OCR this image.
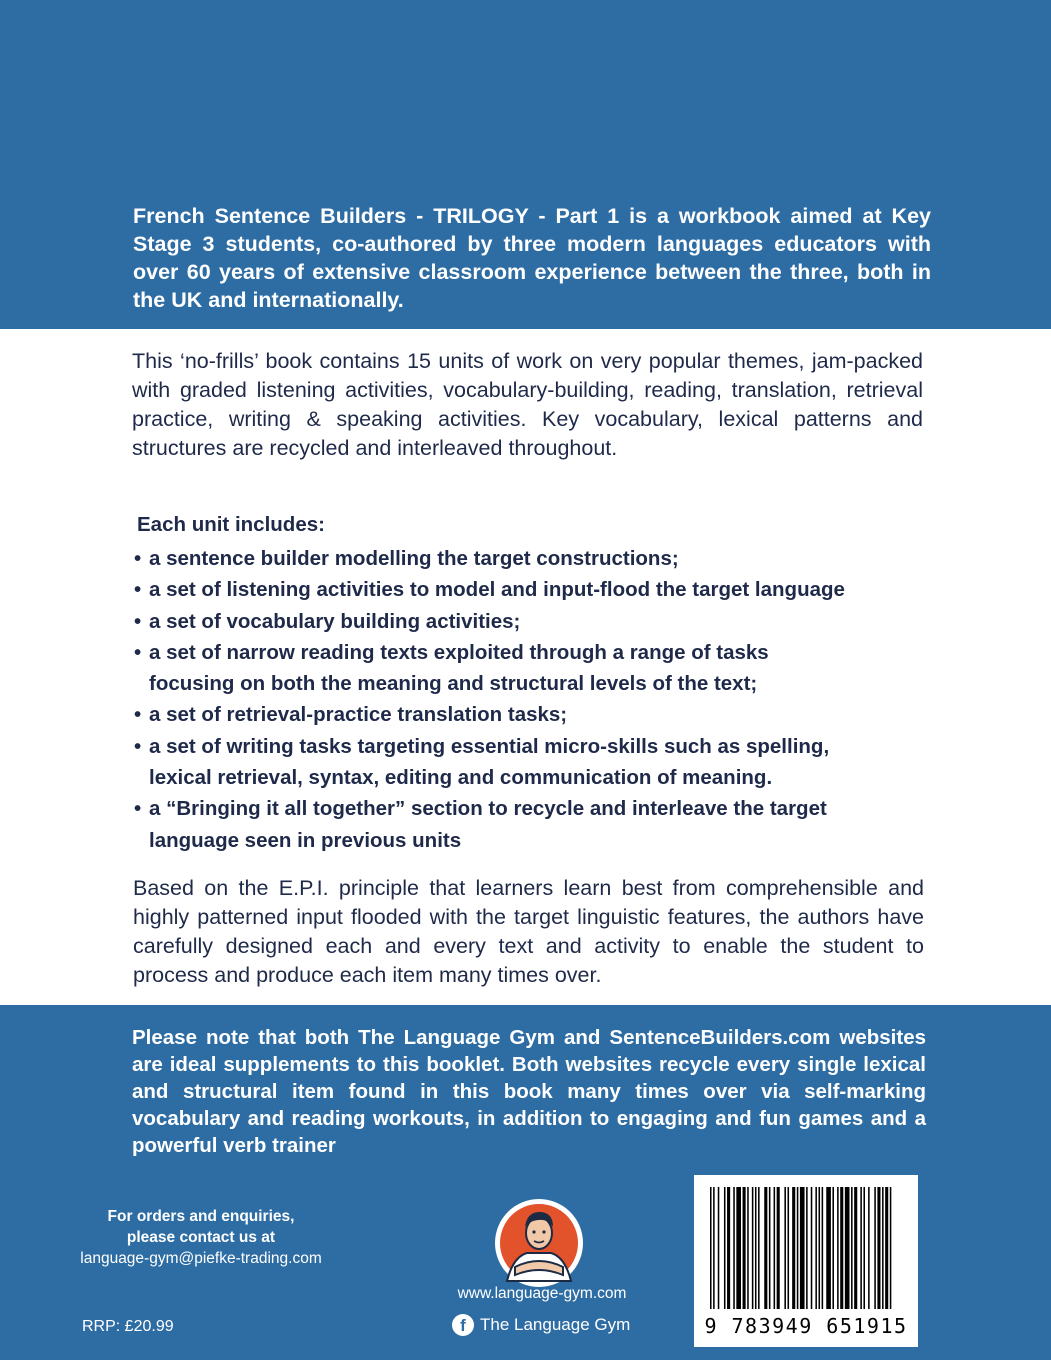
French Sentence Builders - TRILOGY - Part 1 is a workbook aimed at Key Stage 3 students, co-authored by three modern languages educators with over 60 years of extensive classroom experience between the three, both in the UK and internationally.

This ‘no-frills’ book contains 15 units of work on very popular themes, jam-packed with graded listening activities, vocabulary-building, reading, translation, retrieval practice, writing & speaking activities. Key vocabulary, lexical patterns and structures are recycled and interleaved throughout.

Each unit includes:

• a sentence builder modelling the target constructions;
• a set of listening activities to model and input-flood the target language
• a set of vocabulary building activities;
• a set of narrow reading texts exploited through a range of tasks focusing on both the meaning and structural levels of the text;
• a set of retrieval-practice translation tasks;
• a set of writing tasks targeting essential micro-skills such as spelling, lexical retrieval, syntax, editing and communication of meaning.
• a “Bringing it all together” section to recycle and interleave the target language seen in previous units

Based on the E.P.I. principle that learners learn best from comprehensible and highly patterned input flooded with the target linguistic features, the authors have carefully designed each and every text and activity to enable the student to process and produce each item many times over.

Please note that both The Language Gym and SentenceBuilders.com websites are ideal supplements to this booklet. Both websites recycle every single lexical and structural item found in this book many times over via self-marking vocabulary and reading workouts, in addition to engaging and fun games and a powerful verb trainer

For orders and enquiries,
please contact us at
language-gym@piefke-trading.com
RRP: £20.99
www.language-gym.com
f The Language Gym	9 783949 651915
